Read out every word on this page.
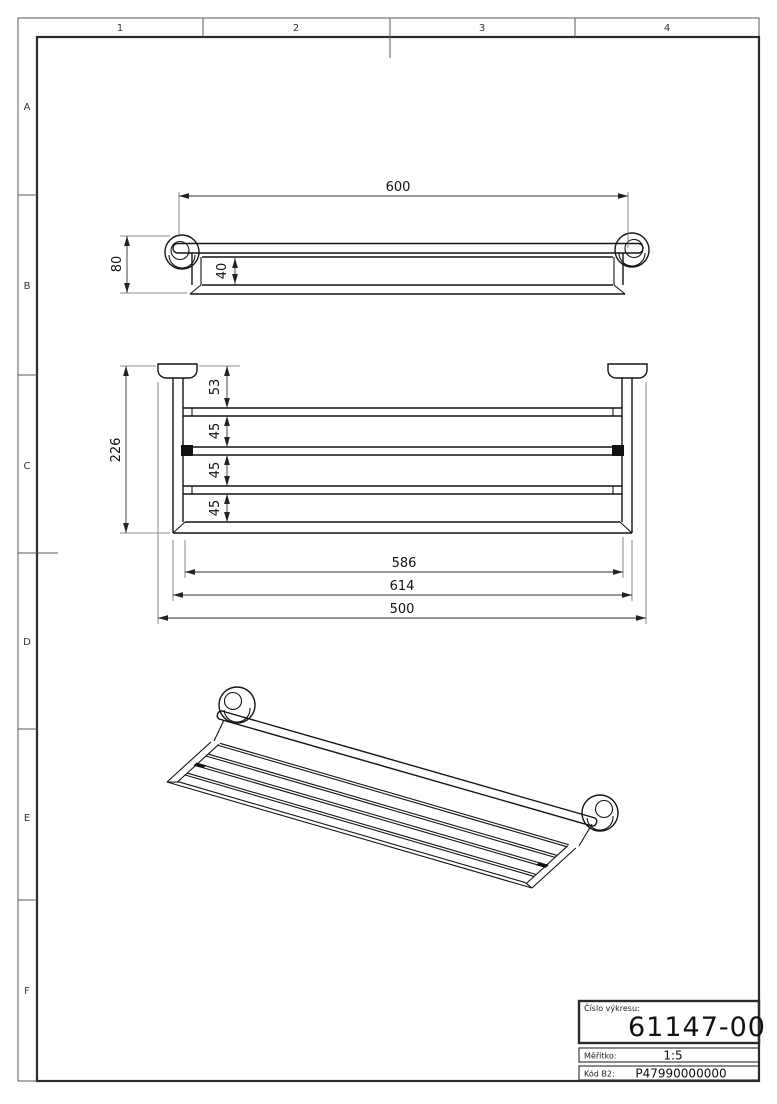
1	2	3	4
A
B
C
D
E
F
600
80	40
226
53
45
45
45
586
614
500
Číslo výkresu:
61147-00
Měřítko:	1:5
Kód B2: P47990000000
